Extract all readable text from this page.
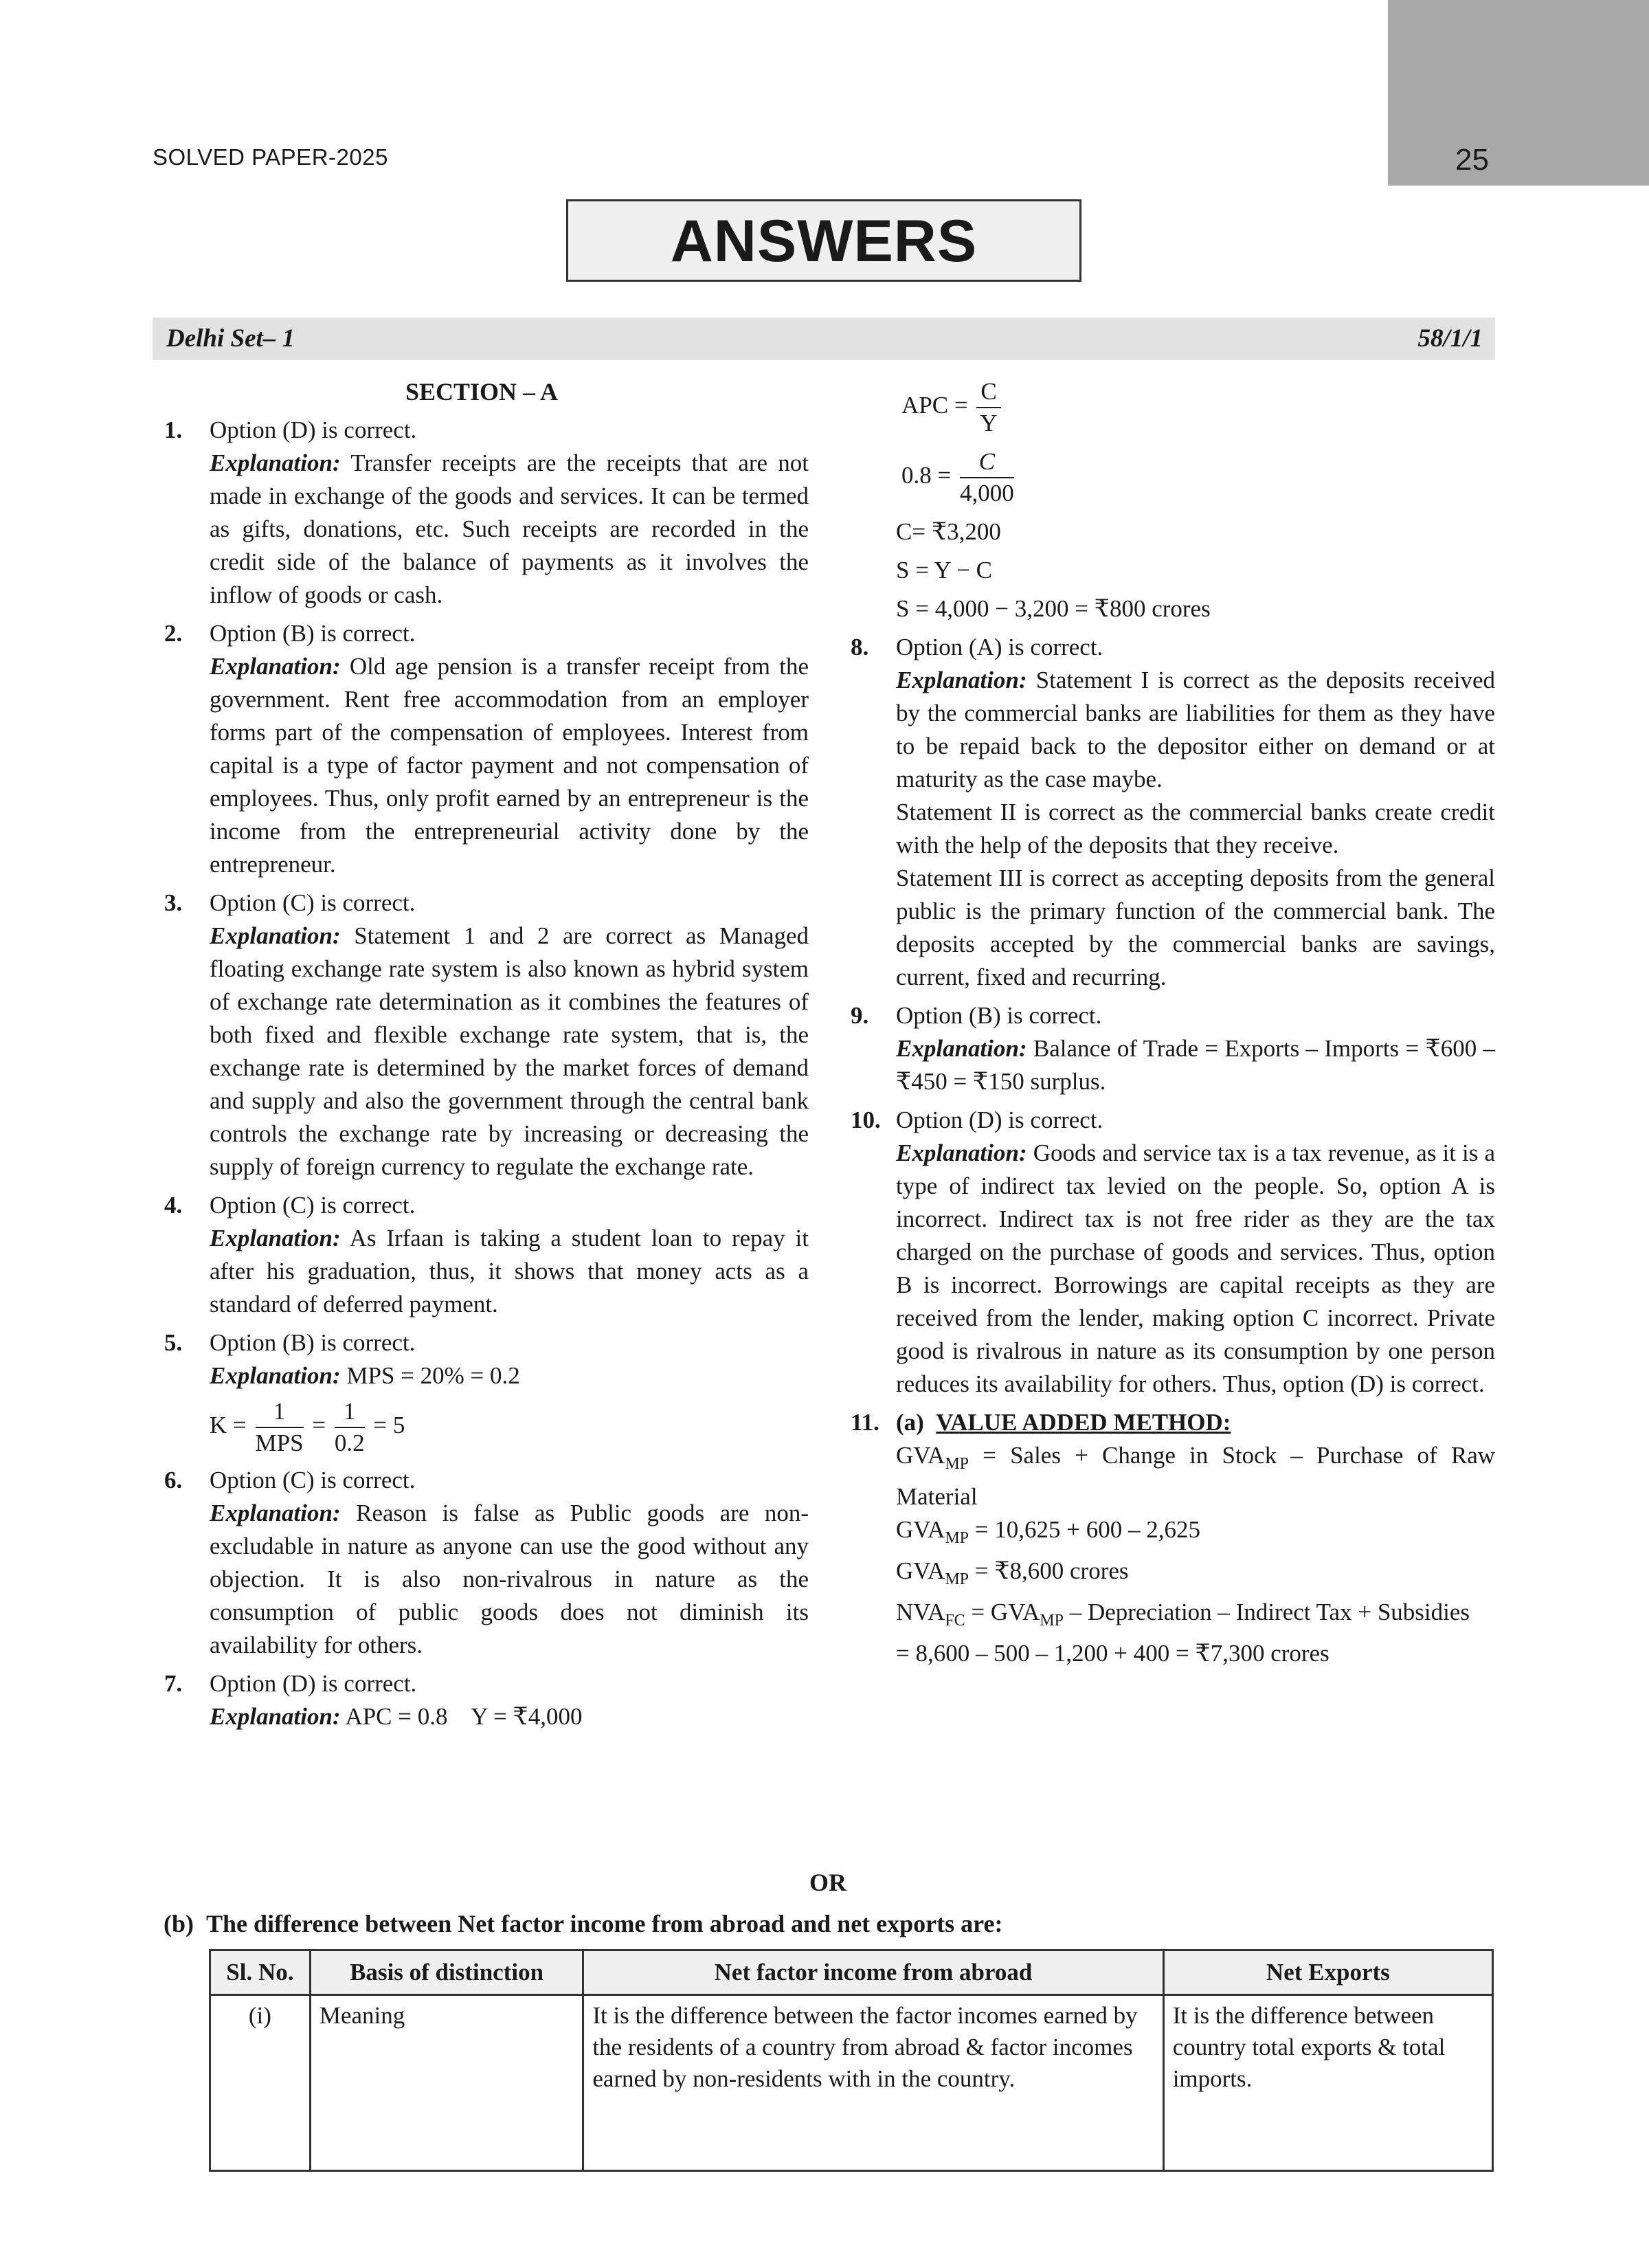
25
SOLVED PAPER-2025
ANSWERS
Delhi Set– 1	58/1/1

SECTION – A

1. Option (D) is correct.

Explanation: Transfer receipts are the receipts that are not made in exchange of the goods and services. It can be termed as gifts, donations, etc. Such receipts are recorded in the credit side of the balance of payments as it involves the inflow of goods or cash.

2. Option (B) is correct.

Explanation: Old age pension is a transfer receipt from the government. Rent free accommodation from an employer forms part of the compensation of employees. Interest from capital is a type of factor payment and not compensation of employees. Thus, only profit earned by an entrepreneur is the income from the entrepreneurial activity done by the entrepreneur.

3. Option (C) is correct.

Explanation: Statement 1 and 2 are correct as Managed floating exchange rate system is also known as hybrid system of exchange rate determination as it combines the features of both fixed and flexible exchange rate system, that is, the exchange rate is determined by the market forces of demand and supply and also the government through the central bank controls the exchange rate by increasing or decreasing the supply of foreign currency to regulate the exchange rate.

4. Option (C) is correct.

Explanation: As Irfaan is taking a student loan to repay it after his graduation, thus, it shows that money acts as a standard of deferred payment.

5. Option (B) is correct.

Explanation: MPS = 20% = 0.2

$K = \frac{1}{\text{MPS}} = \frac{1}{0.2} = 5$
6. Option (C) is correct.

Explanation: Reason is false as Public goods are non-excludable in nature as anyone can use the good without any objection. It is also non-rivalrous in nature as the consumption of public goods does not diminish its availability for others.

7. Option (D) is correct.

Explanation: APC = 0.8    Y = ₹4,000

APC = $\frac{C}{Y}$
$0.8 = \frac{C}{4,000}$

C= ₹3,200

S = Y − C

S = 4,000 − 3,200 = ₹800 crores

8. Option (A) is correct.

Explanation: Statement I is correct as the deposits received by the commercial banks are liabilities for them as they have to be repaid back to the depositor either on demand or at maturity as the case maybe.

Statement II is correct as the commercial banks create credit with the help of the deposits that they receive.

Statement III is correct as accepting deposits from the general public is the primary function of the commercial bank. The deposits accepted by the commercial banks are savings, current, fixed and recurring.

9. Option (B) is correct.

Explanation: Balance of Trade = Exports – Imports = ₹600 – ₹450 = ₹150 surplus.

10. Option (D) is correct.

Explanation: Goods and service tax is a tax revenue, as it is a type of indirect tax levied on the people. So, option A is incorrect. Indirect tax is not free rider as they are the tax charged on the purchase of goods and services. Thus, option B is incorrect. Borrowings are capital receipts as they are received from the lender, making option C incorrect. Private good is rivalrous in nature as its consumption by one person reduces its availability for others. Thus, option (D) is correct.

11. (a) VALUE ADDED METHOD:

$GVA_{MP}$ = Sales + Change in Stock – Purchase of Raw Material

$GVA_{MP} = 10,625 + 600 - 2,625$

$GVA_{MP}$ = ₹8,600 crores

$NVA_{FC} = GVA_{MP}$ – Depreciation – Indirect Tax + Subsidies

= 8,600 – 500 – 1,200 + 400 = ₹7,300 crores

OR
(b) The difference between Net factor income from abroad and net exports are:
Sl. No.	Basis of distinction	Net factor income from abroad	Net Exports
(i)	Meaning	It is the difference between the factor incomes earned by the residents of a country from abroad & factor incomes earned by non-residents with in the country.	It is the difference between country total exports & total imports.
